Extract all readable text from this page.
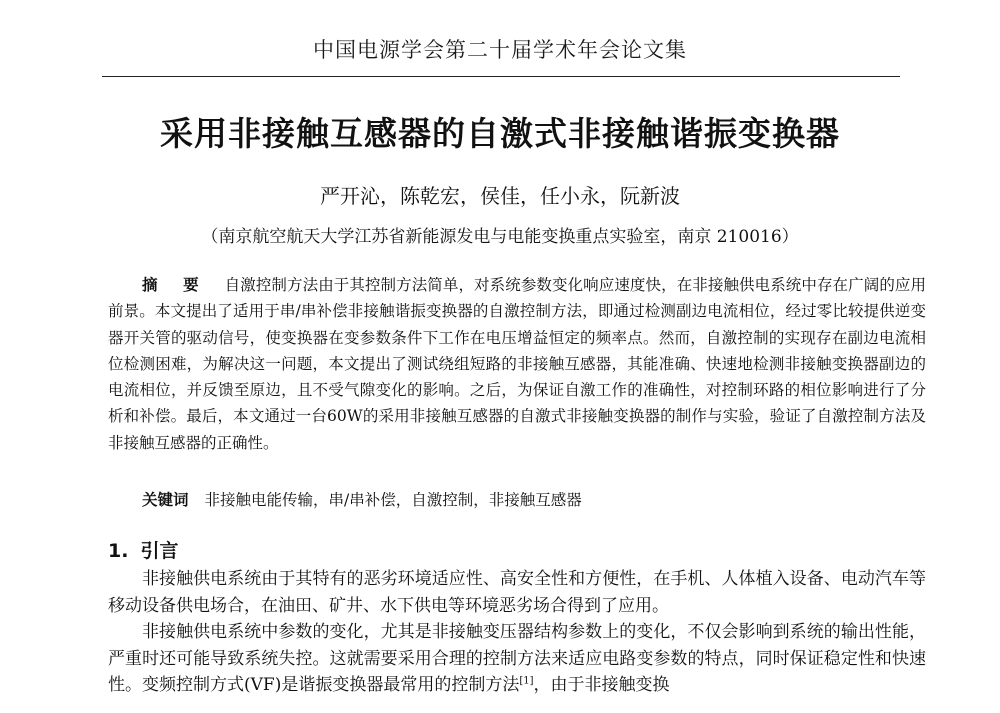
中国电源学会第二十届学术年会论文集
采用非接触互感器的自激式非接触谐振变换器
严开沁，陈乾宏，侯佳，任小永，阮新波
（南京航空航天大学江苏省新能源发电与电能变换重点实验室，南京 210016）
摘 要 自激控制方法由于其控制方法简单，对系统参数变化响应速度快，在非接触供电系统中存在广阔的应用前景。本文提出了适用于串/串补偿非接触谐振变换器的自激控制方法，即通过检测副边电流相位，经过零比较提供逆变器开关管的驱动信号，使变换器在变参数条件下工作在电压增益恒定的频率点。然而，自激控制的实现存在副边电流相位检测困难，为解决这一问题，本文提出了测试绕组短路的非接触互感器，其能准确、快速地检测非接触变换器副边的电流相位，并反馈至原边，且不受气隙变化的影响。之后，为保证自激工作的准确性，对控制环路的相位影响进行了分析和补偿。最后，本文通过一台60W的采用非接触互感器的自激式非接触变换器的制作与实验，验证了自激控制方法及非接触互感器的正确性。
关键词 非接触电能传输，串/串补偿，自激控制，非接触互感器
1. 引言

非接触供电系统由于其特有的恶劣环境适应性、高安全性和方便性，在手机、人体植入设备、电动汽车等移动设备供电场合，在油田、矿井、水下供电等环境恶劣场合得到了应用。

非接触供电系统中参数的变化，尤其是非接触变压器结构参数上的变化，不仅会影响到系统的输出性能，严重时还可能导致系统失控。这就需要采用合理的控制方法来适应电路变参数的特点，同时保证稳定性和快速性。变频控制方式(VF)是谐振变换器最常用的控制方法[1]，由于非接触变换
